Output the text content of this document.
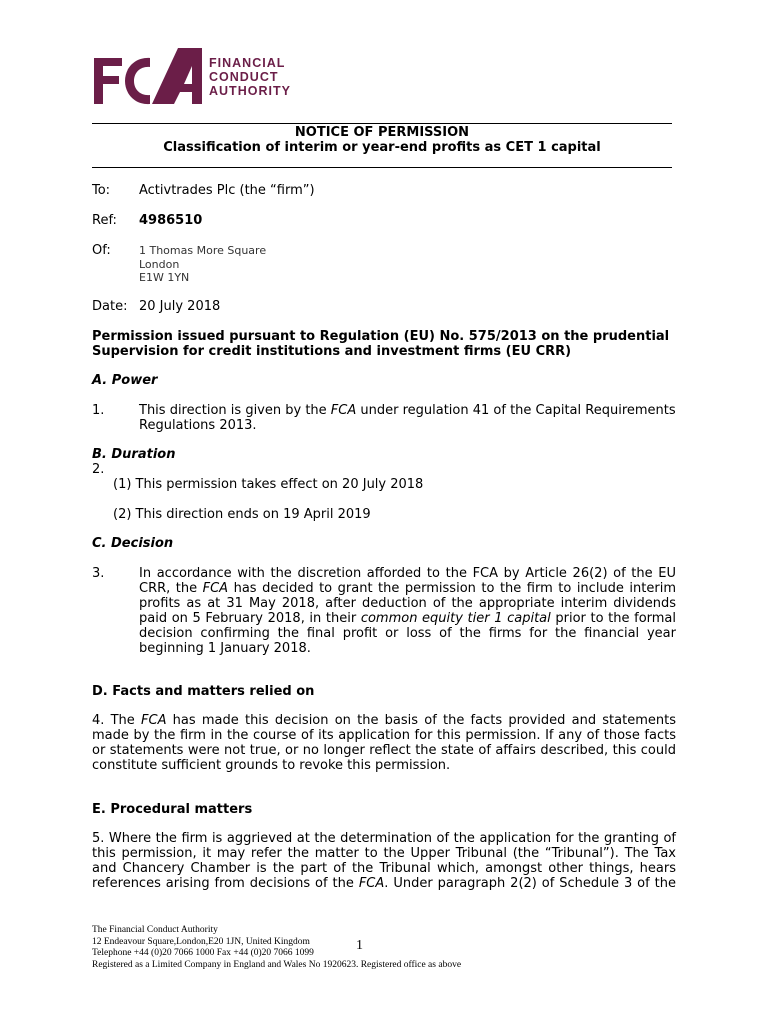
FCA
FINANCIAL
CONDUCT
AUTHORITY
NOTICE OF PERMISSION
Classification of interim or year-end profits as CET 1 capital
To: Activtrades Plc (the “firm”)
Ref: 4986510
Of:	1 Thomas More Square
London
E1W 1YN
Date: 20 July 2018
Permission issued pursuant to Regulation (EU) No. 575/2013 on the prudential
Supervision for credit institutions and investment firms (EU CRR)
A. Power
1.	This direction is given by the FCA under regulation 41 of the Capital Requirements
Regulations 2013.
B. Duration
2.
(1) This permission takes effect on 20 July 2018
(2) This direction ends on 19 April 2019
C. Decision
3.	In accordance with the discretion afforded to the FCA by Article 26(2) of the EU
CRR, the FCA has decided to grant the permission to the firm to include interim
profits as at 31 May 2018, after deduction of the appropriate interim dividends
paid on 5 February 2018, in their common equity tier 1 capital prior to the formal
decision confirming the final profit or loss of the firms for the financial year
beginning 1 January 2018.
D. Facts and matters relied on
4. The FCA has made this decision on the basis of the facts provided and statements
made by the firm in the course of its application for this permission. If any of those facts
or statements were not true, or no longer reflect the state of affairs described, this could
constitute sufficient grounds to revoke this permission.
E. Procedural matters
5. Where the firm is aggrieved at the determination of the application for the granting of
this permission, it may refer the matter to the Upper Tribunal (the “Tribunal”). The Tax
and Chancery Chamber is the part of the Tribunal which, amongst other things, hears
references arising from decisions of the FCA. Under paragraph 2(2) of Schedule 3 of the
The Financial Conduct Authority
12 Endeavour Square,London,E20 1JN, United Kingdom
Telephone +44 (0)20 7066 1000 Fax +44 (0)20 7066 1099
Registered as a Limited Company in England and Wales No 1920623. Registered office as above
1
